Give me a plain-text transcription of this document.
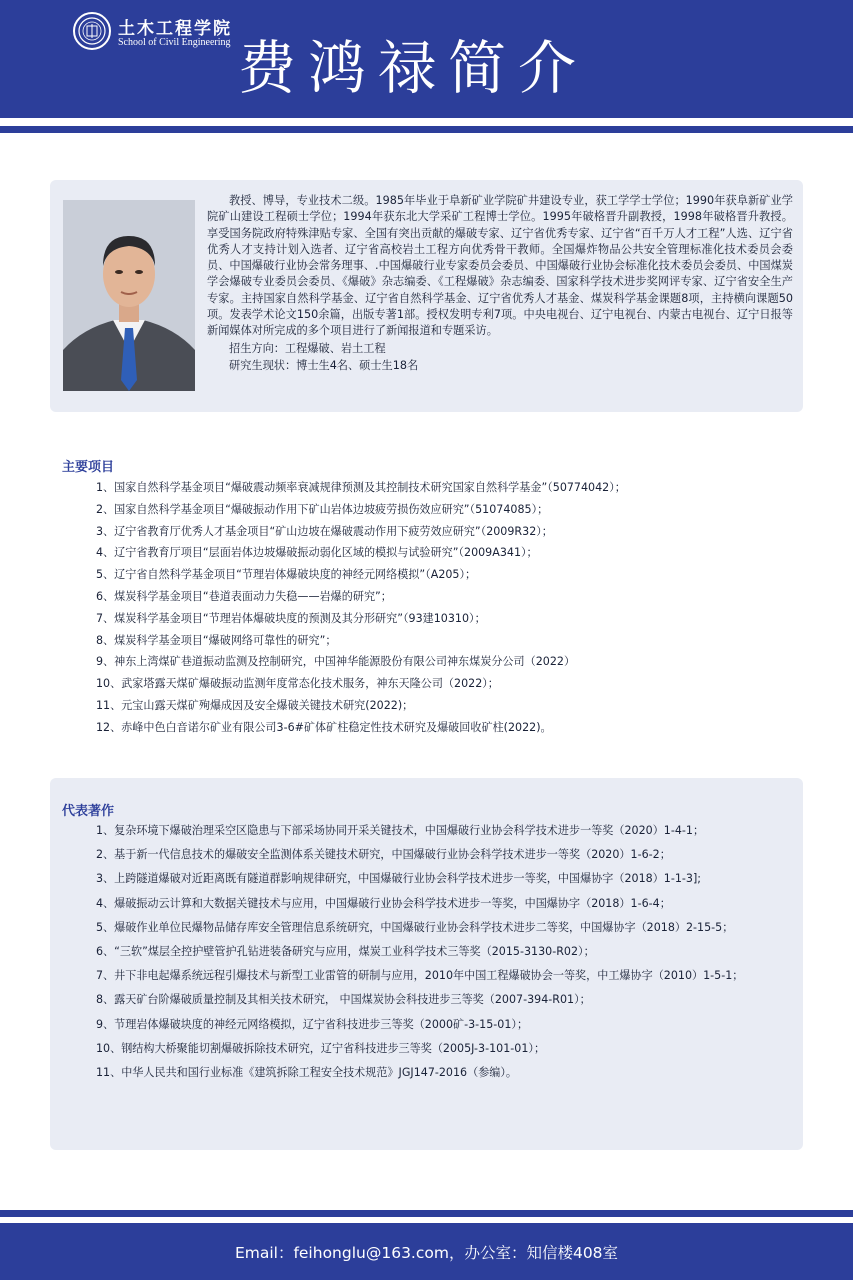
土木工程学院
School of Civil Engineering 费鸿禄简介

教授、博导，专业技术二级。1985年毕业于阜新矿业学院矿井建设专业，获工学学士学位；1990年获阜新矿业学院矿山建设工程硕士学位；1994年获东北大学采矿工程博士学位。1995年破格晋升副教授，1998年破格晋升教授。享受国务院政府特殊津贴专家、全国有突出贡献的爆破专家、辽宁省优秀专家、辽宁省“百千万人才工程”人选、辽宁省优秀人才支持计划入选者、辽宁省高校岩土工程方向优秀骨干教师。全国爆炸物品公共安全管理标准化技术委员会委员、中国爆破行业协会常务理事、.中国爆破行业专家委员会委员、中国爆破行业协会标准化技术委员会委员、中国煤炭学会爆破专业委员会委员、《爆破》杂志编委、《工程爆破》杂志编委、国家科学技术进步奖网评专家、辽宁省安全生产专家。主持国家自然科学基金、辽宁省自然科学基金、辽宁省优秀人才基金、煤炭科学基金课题8项，主持横向课题50项。发表学术论文150余篇，出版专著1部。授权发明专利7项。中央电视台、辽宁电视台、内蒙古电视台、辽宁日报等新闻媒体对所完成的多个项目进行了新闻报道和专题采访。

招生方向：工程爆破、岩土工程
研究生现状：博士生4名、硕士生18名
主要项目
1、国家自然科学基金项目“爆破震动频率衰减规律预测及其控制技术研究国家自然科学基金”（50774042）；
2、国家自然科学基金项目“爆破振动作用下矿山岩体边坡疲劳损伤效应研究”（51074085）；
3、辽宁省教育厅优秀人才基金项目“矿山边坡在爆破震动作用下疲劳效应研究”（2009R32）；
4、辽宁省教育厅项目“层面岩体边坡爆破振动弱化区域的模拟与试验研究”（2009A341）；
5、辽宁省自然科学基金项目“节理岩体爆破块度的神经元网络模拟”（A205）；
6、煤炭科学基金项目“巷道表面动力失稳——岩爆的研究”；
7、煤炭科学基金项目“节理岩体爆破块度的预测及其分形研究”（93建10310）；
8、煤炭科学基金项目“爆破网络可靠性的研究”；
9、神东上湾煤矿巷道振动监测及控制研究，中国神华能源股份有限公司神东煤炭分公司（2022）
10、武家塔露天煤矿爆破振动监测年度常态化技术服务，神东天隆公司（2022）；
11、元宝山露天煤矿殉爆成因及安全爆破关键技术研究(2022)；
12、赤峰中色白音诺尔矿业有限公司3-6#矿体矿柱稳定性技术研究及爆破回收矿柱(2022)。
代表著作
1、复杂环境下爆破治理采空区隐患与下部采场协同开采关键技术，中国爆破行业协会科学技术进步一等奖（2020）1-4-1；
2、基于新一代信息技术的爆破安全监测体系关键技术研究，中国爆破行业协会科学技术进步一等奖（2020）1-6-2；
3、上跨隧道爆破对近距离既有隧道群影响规律研究，中国爆破行业协会科学技术进步一等奖，中国爆协字（2018）1-1-3];
4、爆破振动云计算和大数据关键技术与应用，中国爆破行业协会科学技术进步一等奖，中国爆协字（2018）1-6-4；
5、爆破作业单位民爆物品储存库安全管理信息系统研究，中国爆破行业协会科学技术进步二等奖，中国爆协字（2018）2-15-5；
6、“三软”煤层全控护壁管护孔钻进装备研究与应用，煤炭工业科学技术三等奖（2015-3130-R02）；
7、井下非电起爆系统远程引爆技术与新型工业雷管的研制与应用，2010年中国工程爆破协会一等奖，中工爆协字（2010）1-5-1；
8、露天矿台阶爆破质量控制及其相关技术研究， 中国煤炭协会科技进步三等奖（2007-394-R01）；
9、节理岩体爆破块度的神经元网络模拟，辽宁省科技进步三等奖（2000矿-3-15-01）；
10、钢结构大桥聚能切割爆破拆除技术研究，辽宁省科技进步三等奖（2005J-3-101-01）；
11、中华人民共和国行业标准《建筑拆除工程安全技术规范》JGJ147-2016（参编）。
Email：feihonglu@163.com，办公室：知信楼408室
